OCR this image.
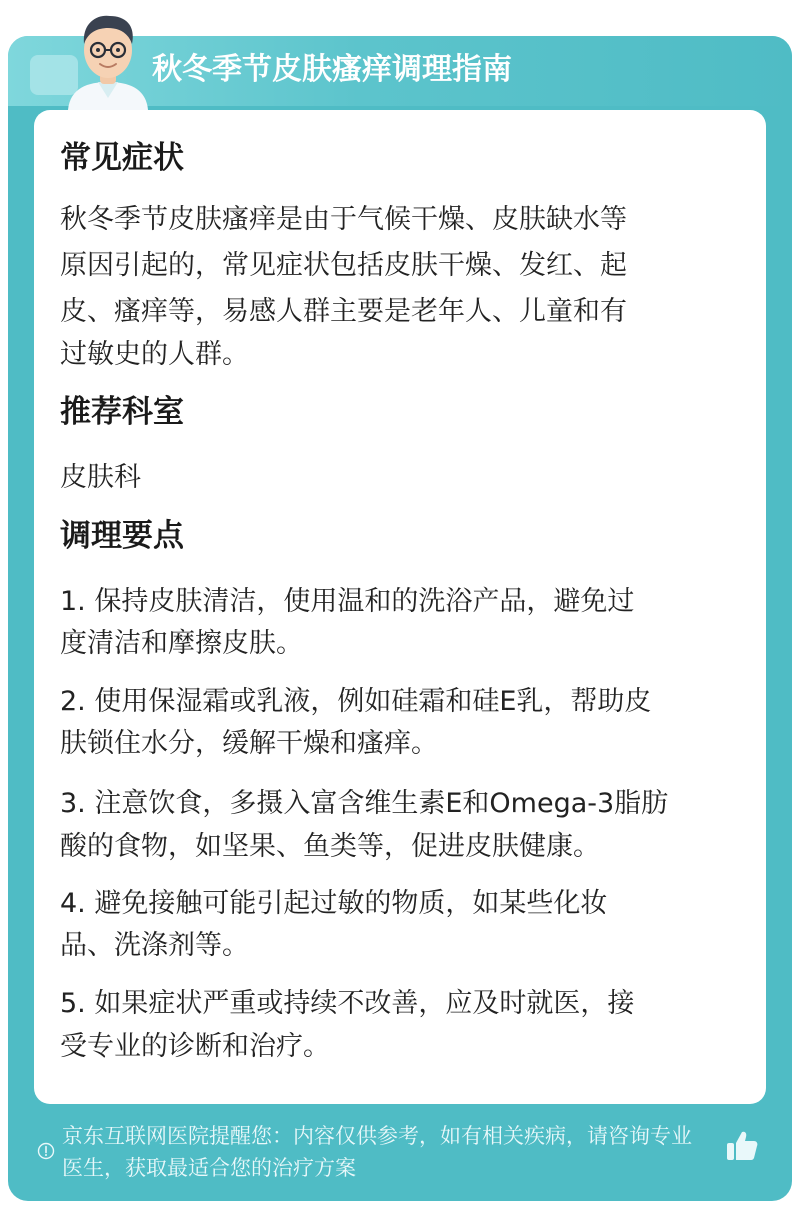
秋冬季节皮肤瘙痒调理指南
常见症状
秋冬季节皮肤瘙痒是由于气候干燥、皮肤缺水等
原因引起的，常见症状包括皮肤干燥、发红、起
皮、瘙痒等，易感人群主要是老年人、儿童和有
过敏史的人群。
推荐科室
皮肤科
调理要点
1. 保持皮肤清洁，使用温和的洗浴产品，避免过
度清洁和摩擦皮肤。
2. 使用保湿霜或乳液，例如硅霜和硅E乳，帮助皮
肤锁住水分，缓解干燥和瘙痒。
3. 注意饮食，多摄入富含维生素E和Omega-3脂肪
酸的食物，如坚果、鱼类等，促进皮肤健康。
4. 避免接触可能引起过敏的物质，如某些化妆
品、洗涤剂等。
5. 如果症状严重或持续不改善，应及时就医，接
受专业的诊断和治疗。
京东互联网医院提醒您：内容仅供参考，如有相关疾病，请咨询专业
医生，获取最适合您的治疗方案
